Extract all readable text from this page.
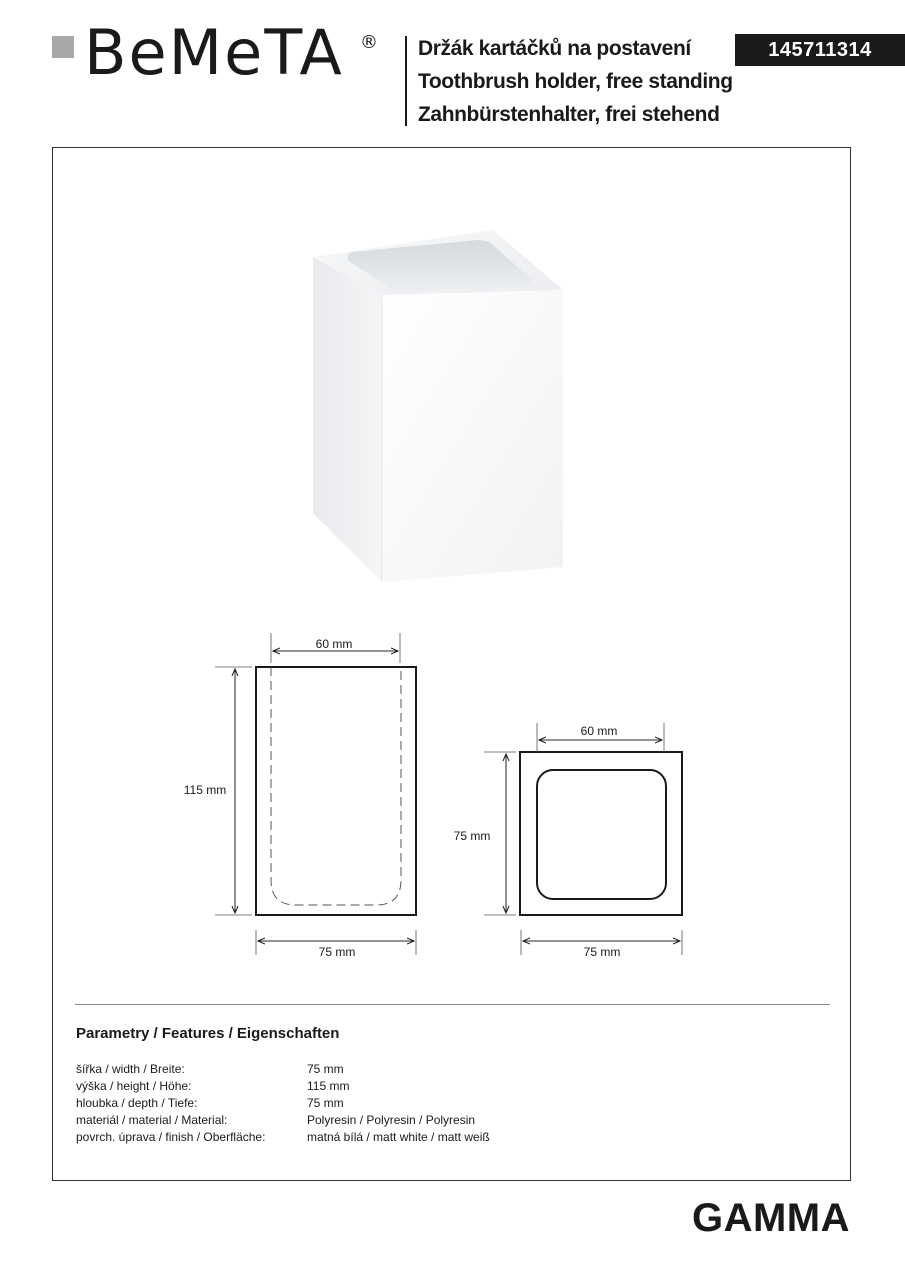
BeMeTA ® Držák kartáčků na postavení
Toothbrush holder, free standing
Zahnbürstenhalter, frei stehend
145711314
60 mm
115 mm
75 mm
60 mm
75 mm
75 mm
Parametry / Features / Eigenschaften
šířka / width / Breite:	75 mm
výška / height / Höhe:	115 mm
hloubka / depth / Tiefe:	75 mm
materiál / material / Material:	Polyresin / Polyresin / Polyresin
povrch. úprava / finish / Oberfläche:	matná bílá / matt white / matt weiß
GAMMA
